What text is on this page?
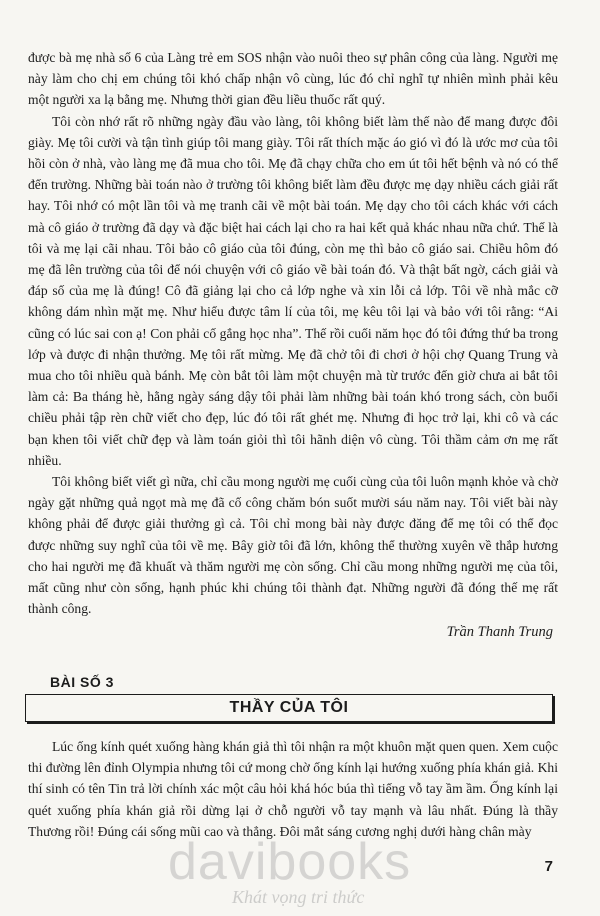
được bà mẹ nhà số 6 của Làng trẻ em SOS nhận vào nuôi theo sự phân công của làng. Người mẹ này làm cho chị em chúng tôi khó chấp nhận vô cùng, lúc đó chỉ nghĩ tự nhiên mình phải kêu một người xa lạ bằng mẹ. Nhưng thời gian đều liều thuốc rất quý.

Tôi còn nhớ rất rõ những ngày đầu vào làng, tôi không biết làm thế nào để mang được đôi giày. Mẹ tôi cười và tận tình giúp tôi mang giày. Tôi rất thích mặc áo gió vì đó là ước mơ của tôi hồi còn ở nhà, vào làng mẹ đã mua cho tôi. Mẹ đã chạy chữa cho em út tôi hết bệnh và nó có thể đến trường. Những bài toán nào ở trường tôi không biết làm đều được mẹ dạy nhiều cách giải rất hay. Tôi nhớ có một lần tôi và mẹ tranh cãi về một bài toán. Mẹ dạy cho tôi cách khác với cách mà cô giáo ở trường đã dạy và đặc biệt hai cách lại cho ra hai kết quả khác nhau nữa chứ. Thế là tôi và mẹ lại cãi nhau. Tôi bảo cô giáo của tôi đúng, còn mẹ thì bảo cô giáo sai. Chiều hôm đó mẹ đã lên trường của tôi để nói chuyện với cô giáo về bài toán đó. Và thật bất ngờ, cách giải và đáp số của mẹ là đúng! Cô đã giảng lại cho cả lớp nghe và xin lỗi cả lớp. Tôi về nhà mắc cỡ không dám nhìn mặt mẹ. Như hiểu được tâm lí của tôi, mẹ kêu tôi lại và bảo với tôi rằng: “Ai cũng có lúc sai con ạ! Con phải cố gắng học nha”. Thế rồi cuối năm học đó tôi đứng thứ ba trong lớp và được đi nhận thưởng. Mẹ tôi rất mừng. Mẹ đã chở tôi đi chơi ở hội chợ Quang Trung và mua cho tôi nhiều quà bánh. Mẹ còn bắt tôi làm một chuyện mà từ trước đến giờ chưa ai bắt tôi làm cả: Ba tháng hè, hằng ngày sáng dậy tôi phải làm những bài toán khó trong sách, còn buổi chiều phải tập rèn chữ viết cho đẹp, lúc đó tôi rất ghét mẹ. Nhưng đi học trở lại, khi cô và các bạn khen tôi viết chữ đẹp và làm toán giỏi thì tôi hãnh diện vô cùng. Tôi thầm cảm ơn mẹ rất nhiều.

Tôi không biết viết gì nữa, chỉ cầu mong người mẹ cuối cùng của tôi luôn mạnh khỏe và chờ ngày gặt những quả ngọt mà mẹ đã cố công chăm bón suốt mười sáu năm nay. Tôi viết bài này không phải để được giải thưởng gì cả. Tôi chỉ mong bài này được đăng để mẹ tôi có thể đọc được những suy nghĩ của tôi về mẹ. Bây giờ tôi đã lớn, không thể thường xuyên về thắp hương cho hai người mẹ đã khuất và thăm người mẹ còn sống. Chỉ cầu mong những người mẹ của tôi, mất cũng như còn sống, hạnh phúc khi chúng tôi thành đạt. Những người đã đóng thế mẹ rất thành công.

Trần Thanh Trung
BÀI SỐ 3
THẦY CỦA TÔI

Lúc ống kính quét xuống hàng khán giả thì tôi nhận ra một khuôn mặt quen quen. Xem cuộc thi đường lên đỉnh Olympia nhưng tôi cứ mong chờ ống kính lại hướng xuống phía khán giả. Khi thí sinh có tên Tin trả lời chính xác một câu hỏi khá hóc búa thì tiếng vỗ tay ầm ầm. Ống kính lại quét xuống phía khán giả rồi dừng lại ở chỗ người vỗ tay mạnh và lâu nhất. Đúng là thầy Thương rồi! Đúng cái sống mũi cao và thẳng. Đôi mắt sáng cương nghị dưới hàng chân mày

7
davibooks
Khát vọng tri thức
